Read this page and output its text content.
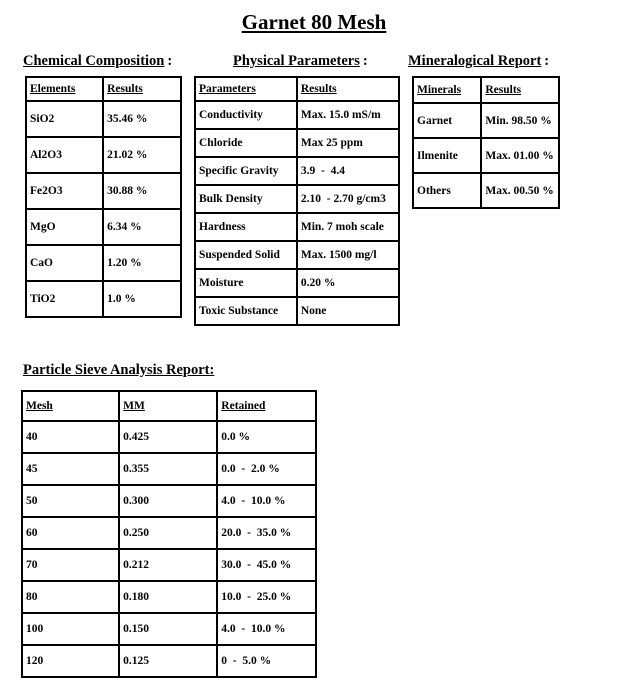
Garnet 80 Mesh
Chemical Composition :	Physical Parameters :	Mineralogical Report :
Particle Sieve Analysis Report:
Elements	Results
SiO2	35.46 %
Al2O3	21.02 %
Fe2O3	30.88 %
MgO	6.34 %
CaO	1.20 %
TiO2	1.0 %
Parameters	Results
Conductivity	Max. 15.0 mS/m
Chloride	Max 25 ppm
Specific Gravity	3.9  -  4.4
Bulk Density	2.10  - 2.70 g/cm3
Hardness	Min. 7 moh scale
Suspended Solid	Max. 1500 mg/l
Moisture	0.20 %
Toxic Substance	None
Minerals	Results
Garnet	Min. 98.50 %
Ilmenite	Max. 01.00 %
Others	Max. 00.50 %
Mesh	MM	Retained
40	0.425	0.0 %
45	0.355	0.0  -  2.0 %
50	0.300	4.0  -  10.0 %
60	0.250	20.0  -  35.0 %
70	0.212	30.0  -  45.0 %
80	0.180	10.0  -  25.0 %
100	0.150	4.0  -  10.0 %
120	0.125	0  -  5.0 %
